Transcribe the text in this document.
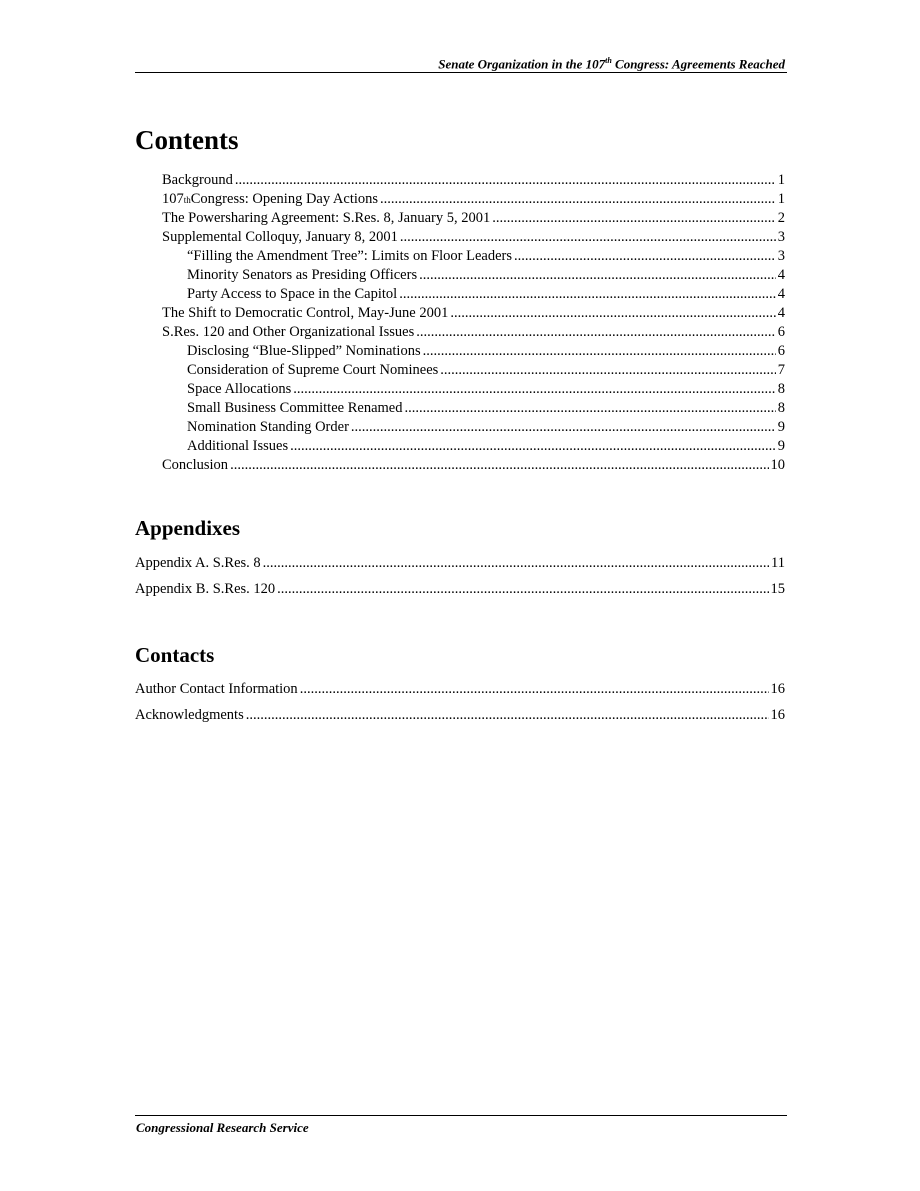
Senate Organization in the 107th Congress: Agreements Reached
Contents
Background .....	1
107 th Congress: Opening Day Actions .....	1
The Powersharing Agreement: S.Res. 8, January 5, 2001 .....	2
Supplemental Colloquy, January 8, 2001 .....	3
“Filling the Amendment Tree”: Limits on Floor Leaders .....	3
Minority Senators as Presiding Officers .....	4
Party Access to Space in the Capitol .....	4
The Shift to Democratic Control, May-June 2001 .....	4
S.Res. 120 and Other Organizational Issues .....	6
Disclosing “Blue-Slipped” Nominations .....	6
Consideration of Supreme Court Nominees .....	7
Space Allocations .....	8
Small Business Committee Renamed .....	8
Nomination Standing Order .....	9
Additional Issues .....	9
Conclusion .....	10
Appendixes
Appendix A. S.Res. 8 .....	11
Appendix B. S.Res. 120 .....	15
Contacts
Author Contact Information .....	16
Acknowledgments .....	16
Congressional Research Service
